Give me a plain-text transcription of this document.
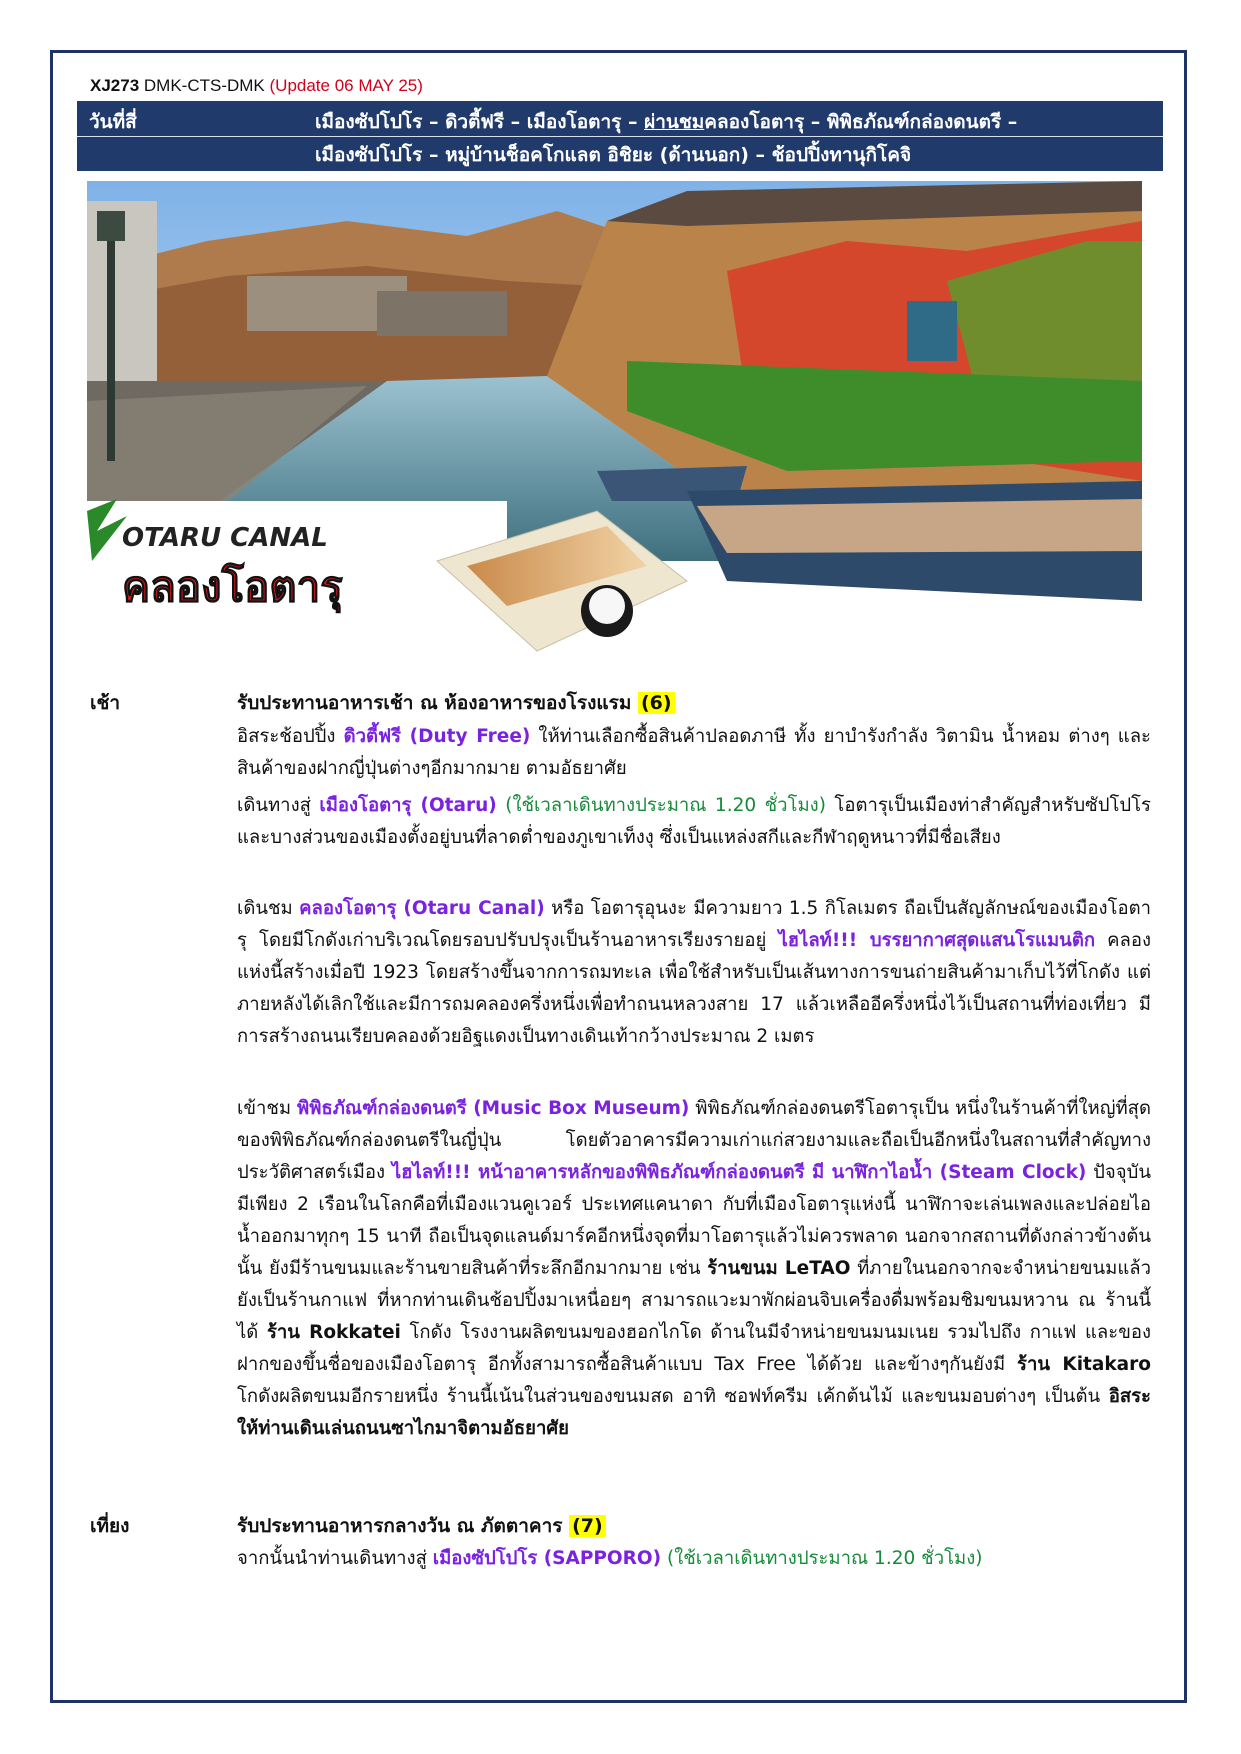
XJ273 DMK-CTS-DMK (Update 06 MAY 25)
วันที่สี่	เมืองซัปโปโร – ดิวตี้ฟรี – เมืองโอตารุ – ผ่านชมคลองโอตารุ – พิพิธภัณฑ์กล่องดนตรี –
เมืองซัปโปโร – หมู่บ้านช็อคโกแลต อิชิยะ (ด้านนอก) – ช้อปปิ้งทานุกิโคจิ
OTARU CANAL
คลองโอตารุ
เช้า	รับประทานอาหารเช้า ณ ห้องอาหารของโรงแรม (6)
อิสระช้อปปิ้ง ดิวตี้ฟรี (Duty Free) ให้ท่านเลือกซื้อสินค้าปลอดภาษี ทั้ง ยาบำรังกำลัง วิตามิน น้ำหอม ต่างๆ และสินค้าของฝากญี่ปุ่นต่างๆอีกมากมาย ตามอัธยาศัย
เดินทางสู่ เมืองโอตารุ (Otaru) (ใช้เวลาเดินทางประมาณ 1.20 ชั่วโมง) โอตารุเป็นเมืองท่าสำคัญสำหรับซัปโปโร และบางส่วนของเมืองตั้งอยู่บนที่ลาดต่ำของภูเขาเท็งงุ ซึ่งเป็นแหล่งสกีและกีฬาฤดูหนาวที่มีชื่อเสียง
เดินชม คลองโอตารุ (Otaru Canal) หรือ โอตารุอุนงะ มีความยาว 1.5 กิโลเมตร ถือเป็นสัญลักษณ์ของเมืองโอตารุ โดยมีโกดังเก่าบริเวณโดยรอบปรับปรุงเป็นร้านอาหารเรียงรายอยู่ ไฮไลท์!!! บรรยากาศสุดแสนโรแมนติก คลองแห่งนี้สร้างเมื่อปี 1923 โดยสร้างขึ้นจากการถมทะเล เพื่อใช้สำหรับเป็นเส้นทางการขนถ่ายสินค้ามาเก็บไว้ที่โกดัง แต่ภายหลังได้เลิกใช้และมีการถมคลองครึ่งหนึ่งเพื่อทำถนนหลวงสาย 17 แล้วเหลืออีครึ่งหนึ่งไว้เป็นสถานที่ท่องเที่ยว มีการสร้างถนนเรียบคลองด้วยอิฐแดงเป็นทางเดินเท้ากว้างประมาณ 2 เมตร
เข้าชม พิพิธภัณฑ์กล่องดนตรี (Music Box Museum) พิพิธภัณฑ์กล่องดนตรีโอตารุเป็น หนึ่งในร้านค้าที่ใหญ่ที่สุดของพิพิธภัณฑ์กล่องดนตรีในญี่ปุ่น โดยตัวอาคารมีความเก่าแก่สวยงามและถือเป็นอีกหนึ่งในสถานที่สำคัญทางประวัติศาสตร์เมือง ไฮไลท์!!! หน้าอาคารหลักของพิพิธภัณฑ์กล่องดนตรี มี นาฬิกาไอน้ำ (Steam Clock) ปัจจุบันมีเพียง 2 เรือนในโลกคือที่เมืองแวนคูเวอร์ ประเทศแคนาดา กับที่เมืองโอตารุแห่งนี้ นาฬิกาจะเล่นเพลงและปล่อยไอน้ำออกมาทุกๆ 15 นาที ถือเป็นจุดแลนด์มาร์คอีกหนึ่งจุดที่มาโอตารุแล้วไม่ควรพลาด นอกจากสถานที่ดังกล่าวข้างต้นนั้น ยังมีร้านขนมและร้านขายสินค้าที่ระลึกอีกมากมาย เช่น ร้านขนม LeTAO ที่ภายในนอกจากจะจำหน่ายขนมแล้วยังเป็นร้านกาแฟ ที่หากท่านเดินช้อปปิ้งมาเหนื่อยๆ สามารถแวะมาพักผ่อนจิบเครื่องดื่มพร้อมชิมขนมหวาน ณ ร้านนี้ได้ ร้าน Rokkatei โกดัง โรงงานผลิตขนมของฮอกไกโด ด้านในมีจำหน่ายขนมนมเนย รวมไปถึง กาแฟ และของฝากของขึ้นชื่อของเมืองโอตารุ อีกทั้งสามารถซื้อสินค้าแบบ Tax Free ได้ด้วย และข้างๆกันยังมี ร้าน Kitakaro โกดังผลิตขนมอีกรายหนึ่ง ร้านนี้เน้นในส่วนของขนมสด อาทิ ซอฟท์ครีม เค้กต้นไม้ และขนมอบต่างๆ เป็นต้น อิสระให้ท่านเดินเล่นถนนซาไกมาจิตามอัธยาศัย
เที่ยง	รับประทานอาหารกลางวัน ณ ภัตตาคาร (7)
จากนั้นนำท่านเดินทางสู่ เมืองซัปโปโร (SAPPORO) (ใช้เวลาเดินทางประมาณ 1.20 ชั่วโมง)
